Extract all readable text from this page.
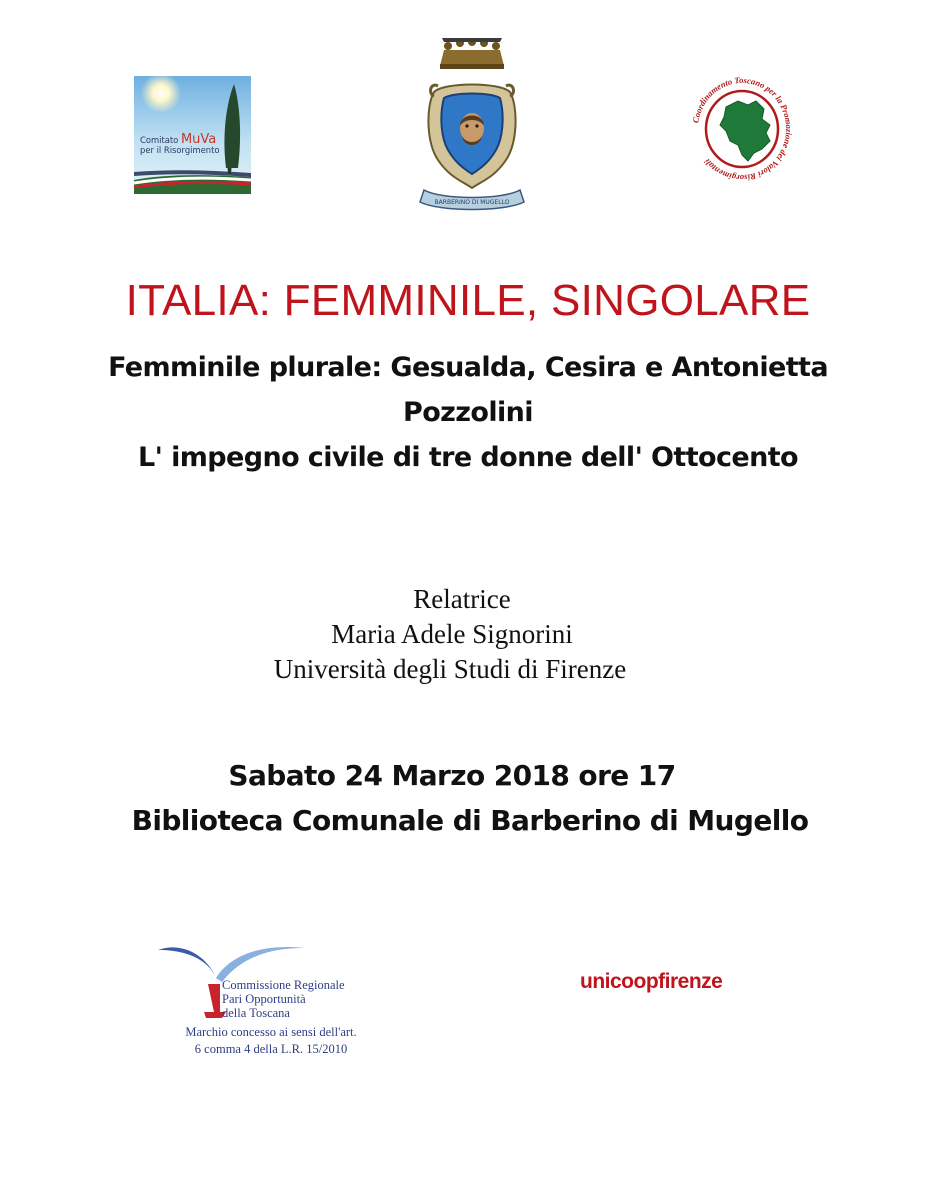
Comitato MuVa
per il Risorgimento
BARBERINO DI MUGELLO
Coordinamento Toscano per la Promozione dei Valori Risorgimentali
ITALIA: FEMMINILE, SINGOLARE
Femminile plurale: Gesualda, Cesira e Antonietta
Pozzolini
L' impegno civile di tre donne dell' Ottocento
Relatrice
Maria Adele Signorini
Università degli Studi di Firenze
Sabato 24 Marzo 2018 ore 17
Biblioteca Comunale di Barberino di Mugello
Commissione Regionale
Pari Opportunità
della Toscana
Marchio concesso ai sensi dell'art.
6 comma 4 della L.R. 15/2010
unicoopfirenze
